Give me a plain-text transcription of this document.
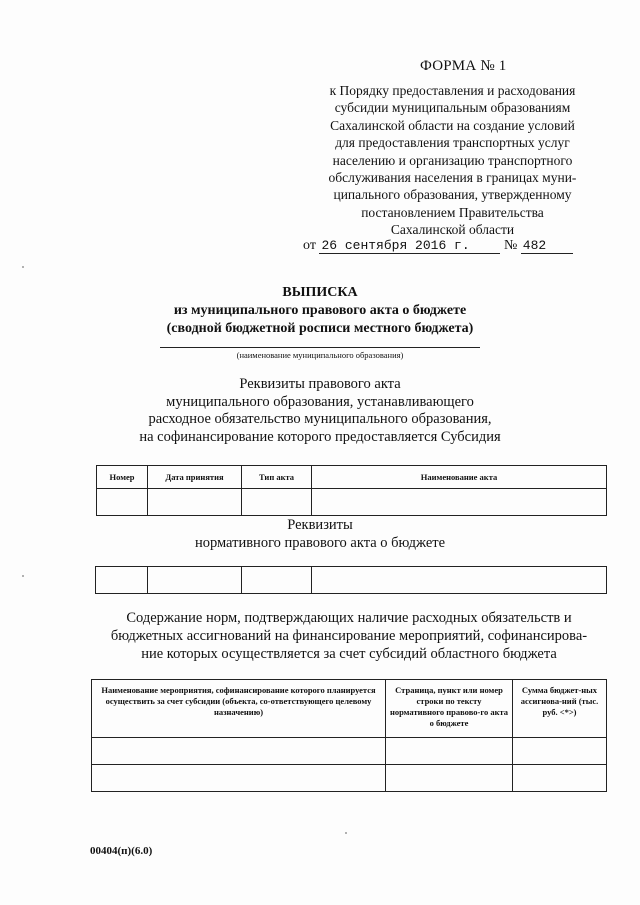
ФОРМА № 1
к Порядку предоставления и расходования
субсидии муниципальным образованиям
Сахалинской области на создание условий
для предоставления транспортных услуг
населению и организацию транспортного
обслуживания населения в границах муни-
ципального образования, утвержденному
постановлением Правительства
Сахалинской области
от 26 сентября 2016 г. № 482
ВЫПИСКА
из муниципального правового акта о бюджете
(сводной бюджетной росписи местного бюджета)
(наименование муниципального образования)
Реквизиты правового акта
муниципального образования, устанавливающего
расходное обязательство муниципального образования,
на софинансирование которого предоставляется Субсидия
Номер	Дата принятия	Тип акта	Наименование акта

Реквизиты
нормативного правового акта о бюджете

Содержание норм, подтверждающих наличие расходных обязательств и
бюджетных ассигнований на финансирование мероприятий, софинансирова-
ние которых осуществляется за счет субсидий областного бюджета
Наименование мероприятия, софинансирование которого планируется осуществить за счет субсидии (объекта, со-ответствующего целевому назначению)	Страница, пункт или номер строки по тексту нормативного правово-го акта о бюджете	Сумма бюджет-ных ассигнова-ний (тыс. руб. <*>)

00404(п)(6.0)
